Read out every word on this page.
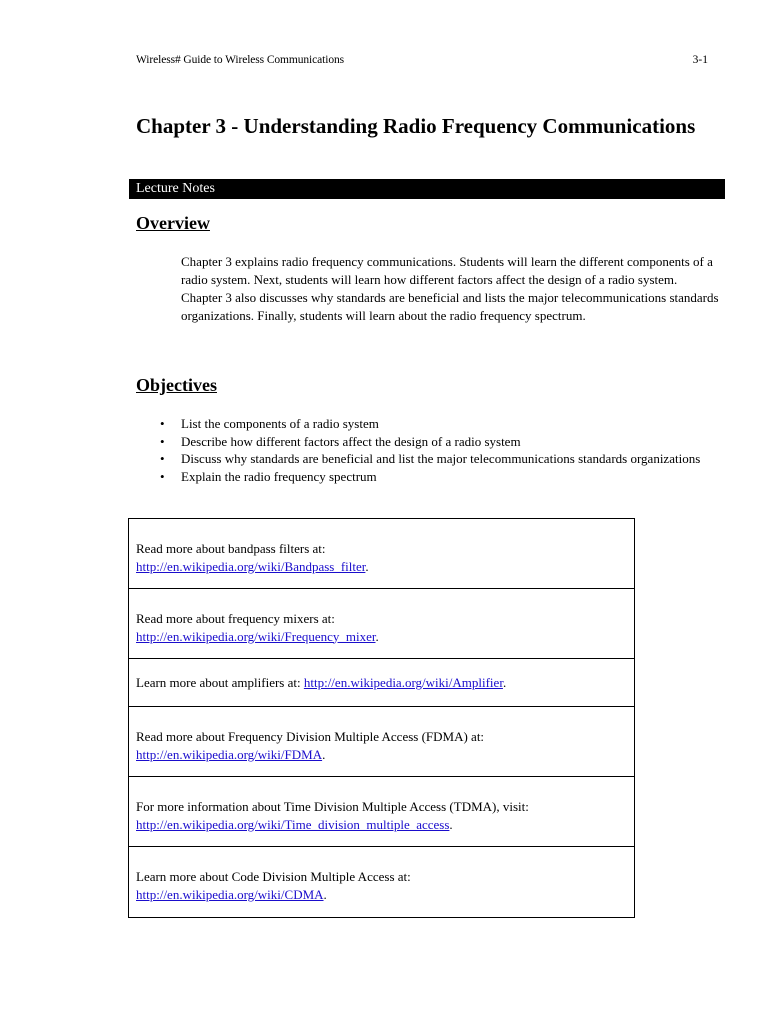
Wireless# Guide to Wireless Communications	3-1
Chapter 3 - Understanding Radio Frequency Communications
Lecture Notes
Overview

Chapter 3 explains radio frequency communications. Students will learn the different components of a radio system. Next, students will learn how different factors affect the design of a radio system. Chapter 3 also discusses why standards are beneficial and lists the major telecommunications standards organizations. Finally, students will learn about the radio frequency spectrum.

Objectives
• List the components of a radio system
• Describe how different factors affect the design of a radio system
• Discuss why standards are beneficial and list the major telecommunications standards organizations
• Explain the radio frequency spectrum
Read more about bandpass filters at:
http://en.wikipedia.org/wiki/Bandpass_filter.
Read more about frequency mixers at:
http://en.wikipedia.org/wiki/Frequency_mixer.
Learn more about amplifiers at: http://en.wikipedia.org/wiki/Amplifier.
Read more about Frequency Division Multiple Access (FDMA) at:
http://en.wikipedia.org/wiki/FDMA.
For more information about Time Division Multiple Access (TDMA), visit:
http://en.wikipedia.org/wiki/Time_division_multiple_access.
Learn more about Code Division Multiple Access at:
http://en.wikipedia.org/wiki/CDMA.
